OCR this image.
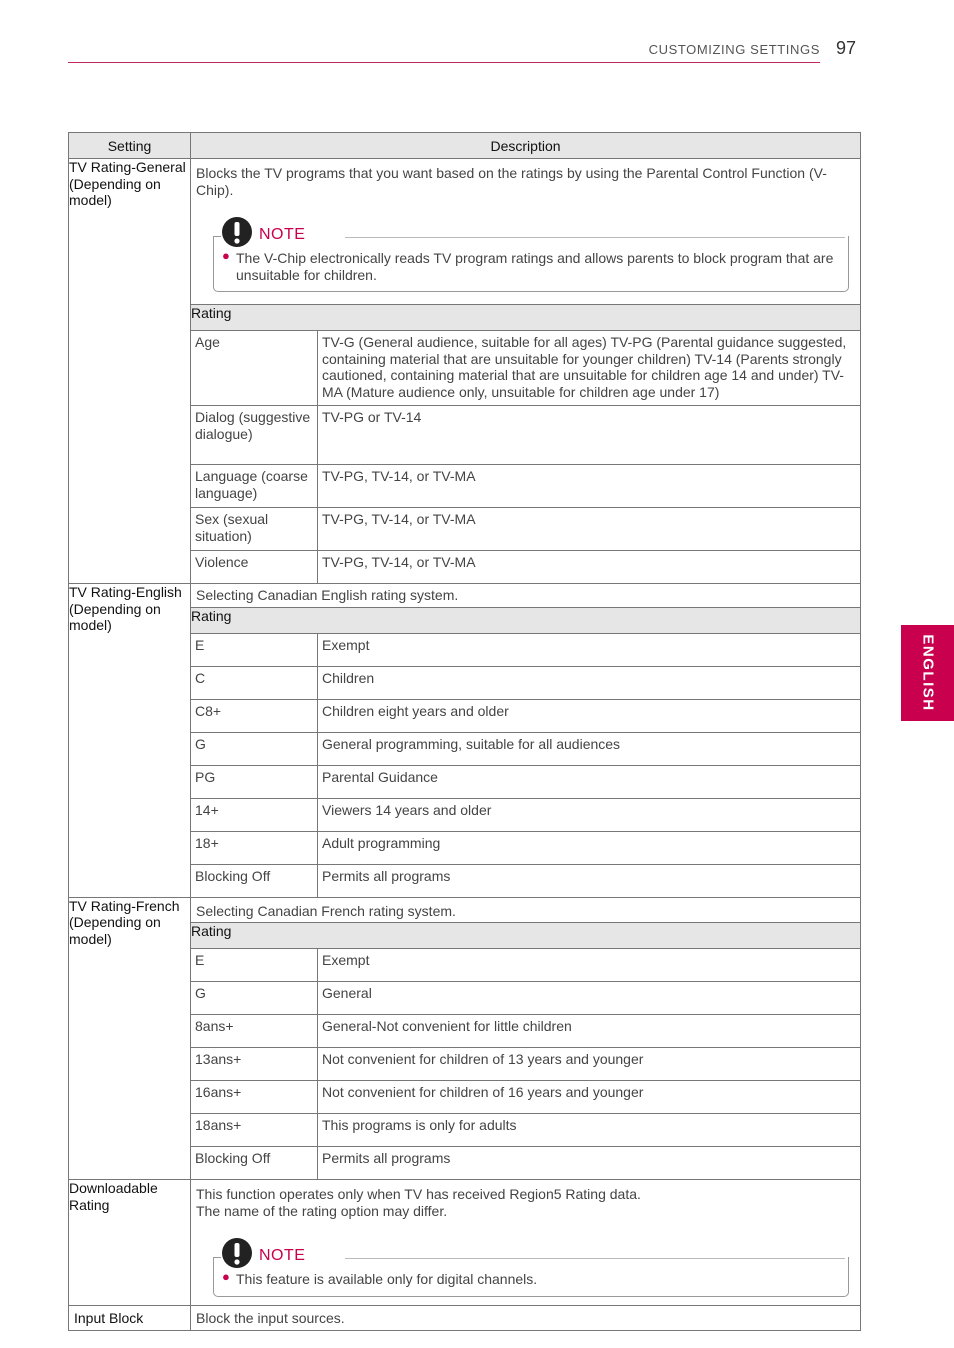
CUSTOMIZING SETTINGS 97
ENGLISH
Setting	Description	
TV Rating-General (Depending on model)	Blocks the TV programs that you want based on the ratings by using the Parental Control Function (V-Chip).
NOTE
● The V-Chip electronically reads TV program ratings and allows parents to block program that are unsuitable for children.	

	Rating	
	Age	TV-G (General audience, suitable for all ages) TV-PG (Parental guidance suggested, containing material that are unsuitable for younger children) TV-14 (Parents strongly cautioned, containing material that are unsuitable for children age 14 and under) TV-MA (Mature audience only, unsuitable for children age under 17)
	Dialog (suggestive dialogue)	TV-PG or TV-14
	Language (coarse language)	TV-PG, TV-14, or TV-MA
	Sex (sexual situation)	TV-PG, TV-14, or TV-MA
	Violence	TV-PG, TV-14, or TV-MA
TV Rating-English (Depending on model)	Selecting Canadian English rating system.	

	Rating	
	E	Exempt
	C	Children
	C8+	Children eight years and older
	G	General programming, suitable for all audiences
	PG	Parental Guidance
	14+	Viewers 14 years and older
	18+	Adult programming
	Blocking Off	Permits all programs
TV Rating-French (Depending on model)	Selecting Canadian French rating system.	

	Rating	
	E	Exempt
	G	General
	8ans+	General-Not convenient for little children
	13ans+	Not convenient for children of 13 years and younger
	16ans+	Not convenient for children of 16 years and younger
	18ans+	This programs is only for adults
	Blocking Off	Permits all programs
Downloadable Rating	This function operates only when TV has received Region5 Rating data.
The name of the rating option may differ.
NOTE
● This feature is available only for digital channels.	

Input Block	Block the input sources.	
